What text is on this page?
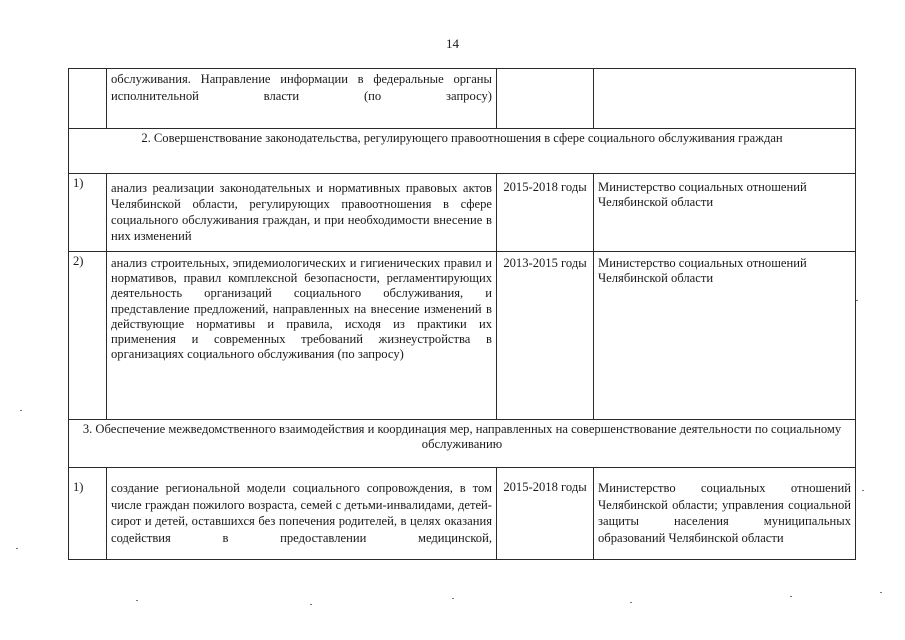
14
	обслуживания. Направление информации в федеральные органы исполнительной власти (по запросу)		
2. Совершенствование законодательства, регулирующего правоотношения в сфере социального обслуживания граждан			
1)	анализ реализации законодательных и нормативных правовых актов Челябинской области, регулирующих правоотношения в сфере социального обслуживания граждан, и при необходимости внесение в них изменений	2015-2018 годы	Министерство социальных отношений Челябинской области
2)	анализ строительных, эпидемиологических и гигиенических правил и нормативов, правил комплексной безопасности, регламентирующих деятельность организаций социального обслуживания, и представление предложений, направленных на внесение изменений в действующие нормативы и правила, исходя из практики их применения и современных требований жизнеустройства в организациях социального обслуживания (по запросу)	2013-2015 годы	Министерство социальных отношений Челябинской области
3. Обеспечение межведомственного взаимодействия и координация мер, направленных на совершенствование деятельности по социальному обслуживанию			
1)	создание региональной модели социального сопровождения, в том числе граждан пожилого возраста, семей с детьми-инвалидами, детей-сирот и детей, оставшихся без попечения родителей, в целях оказания содействия в предоставлении медицинской,	2015-2018 годы	Министерство социальных отношений Челябинской области; управления социальной защиты населения муниципальных образований Челябинской области
